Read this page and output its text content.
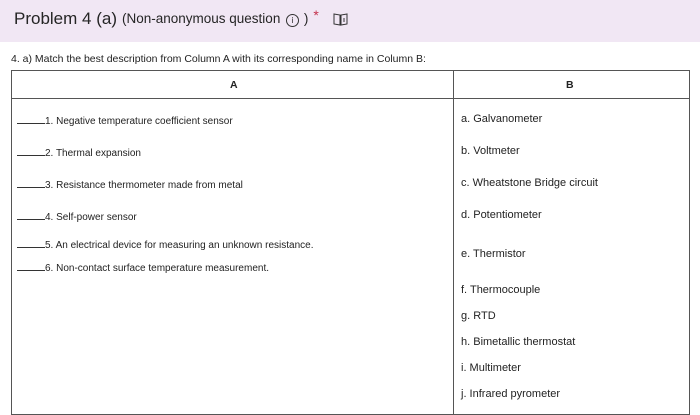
Problem 4 (a) (Non-anonymous question i ) *
4. a) Match the best description from Column A with its corresponding name in Column B:
A	B
1. Negative temperature coefficient sensor
2. Thermal expansion
3. Resistance thermometer made from metal
4. Self-power sensor
5. An electrical device for measuring an unknown resistance.
6. Non-contact surface temperature measurement.
a. Galvanometer
b. Voltmeter
c. Wheatstone Bridge circuit
d. Potentiometer
e. Thermistor
f. Thermocouple
g. RTD
h. Bimetallic thermostat
i. Multimeter
j. Infrared pyrometer
